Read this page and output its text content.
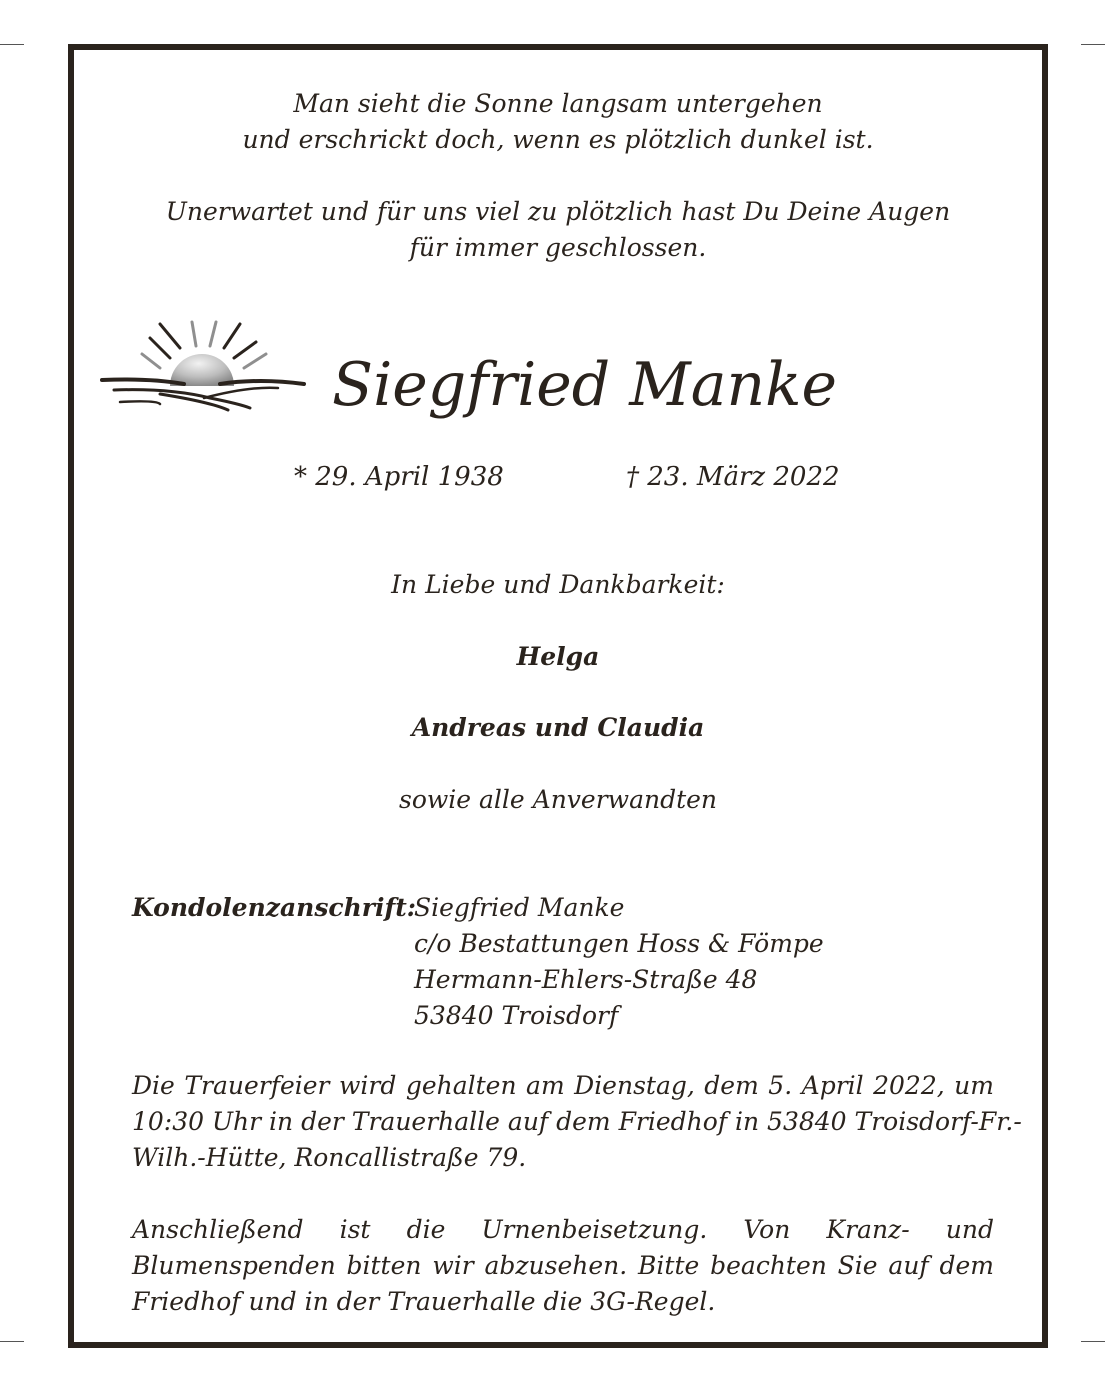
Man sieht die Sonne langsam untergehen
und erschrickt doch, wenn es plötzlich dunkel ist.
Unerwartet und für uns viel zu plötzlich hast Du Deine Augen
für immer geschlossen.
Siegfried Manke
* 29. April 1938	† 23. März 2022
In Liebe und Dankbarkeit:
Helga
Andreas und Claudia
sowie alle Anverwandten
Kondolenzanschrift:
Siegfried Manke
c/o Bestattungen Hoss & Fömpe
Hermann-Ehlers-Straße 48
53840 Troisdorf
Die Trauerfeier wird gehalten am Dienstag, dem 5. April 2022, um
10:30 Uhr in der Trauerhalle auf dem Friedhof in 53840 Troisdorf-Fr.-
Wilh.-Hütte, Roncallistraße 79.
Anschließend ist die Urnenbeisetzung. Von Kranz- und
Blumenspenden bitten wir abzusehen. Bitte beachten Sie auf dem
Friedhof und in der Trauerhalle die 3G-Regel.
